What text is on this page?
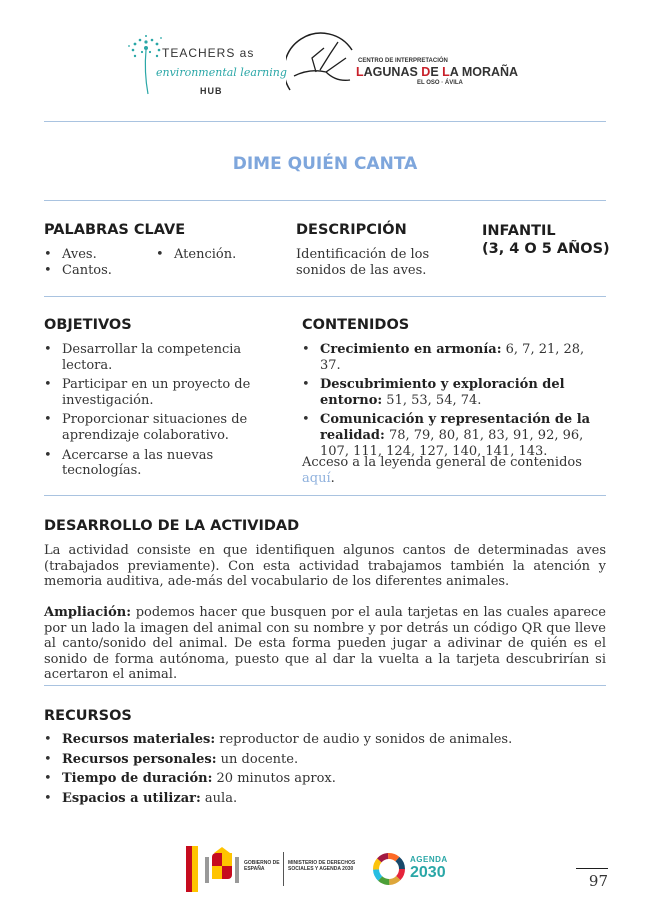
TEACHERS as
environmental learning
HUB
CENTRO DE INTERPRETACIÓN
LAGUNAS DE LA MORAÑA
EL OSO · ÁVILA
DIME QUIÉN CANTA
PALABRAS CLAVE
• Aves.
• Cantos.
• Atención.
DESCRIPCIÓN
Identificación de los sonidos de las aves.
INFANTIL
(3, 4 O 5 AÑOS)
OBJETIVOS
• Desarrollar la competencia lectora.
• Participar en un proyecto de investigación.
• Proporcionar situaciones de aprendizaje colaborativo.
• Acercarse a las nuevas tecnologías.
CONTENIDOS
• Crecimiento en armonía: 6, 7, 21, 28, 37.
• Descubrimiento y exploración del entorno: 51, 53, 54, 74.
• Comunicación y representación de la realidad: 78, 79, 80, 81, 83, 91, 92, 96, 107, 111, 124, 127, 140, 141, 143.
Acceso a la leyenda general de contenidos aquí.
DESARROLLO DE LA ACTIVIDAD
La actividad consiste en que identifiquen algunos cantos de determinadas aves (trabajados previamente). Con esta actividad trabajamos también la atención y memoria auditiva, ade-más del vocabulario de los diferentes animales.
Ampliación: podemos hacer que busquen por el aula tarjetas en las cuales aparece por un lado la imagen del animal con su nombre y por detrás un código QR que lleve al canto/sonido del animal. De esta forma pueden jugar a adivinar de quién es el sonido de forma autónoma, puesto que al dar la vuelta a la tarjeta descubrirían si acertaron el animal.
RECURSOS
• Recursos materiales: reproductor de audio y sonidos de animales.
• Recursos personales: un docente.
• Tiempo de duración: 20 minutos aprox.
• Espacios a utilizar: aula.
GOBIERNO DE ESPAÑA
MINISTERIO DE DERECHOS SOCIALES Y AGENDA 2030
AGENDA
2030	97
